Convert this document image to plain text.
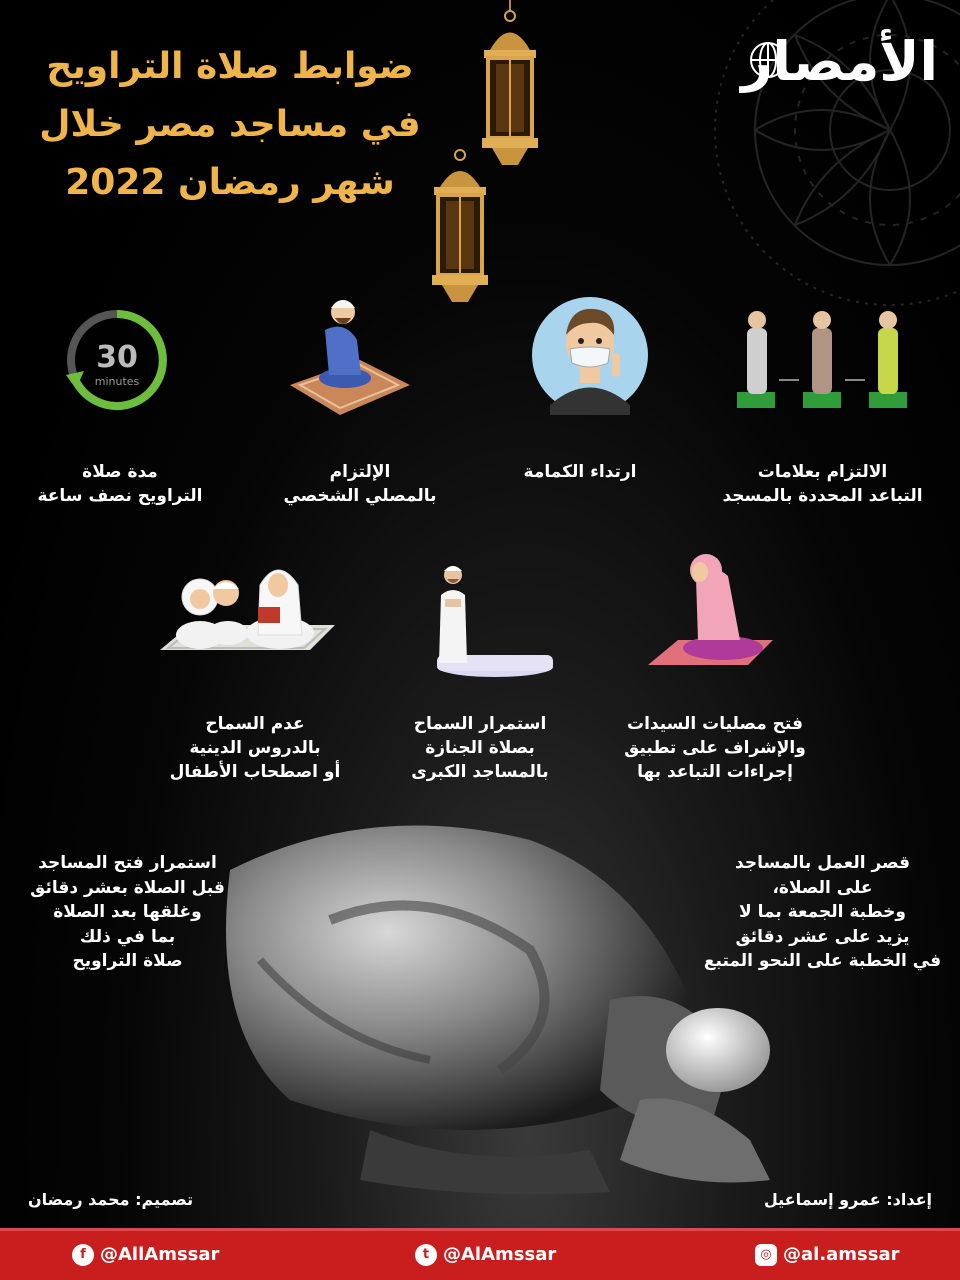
ضوابط صلاة التراويح
في مساجد مصر خلال
شهر رمضان 2022
الأمصار
30
minutes
الالتزام بعلامات
التباعد المحددة بالمسجد
ارتداء الكمامة
الإلتزام
بالمصلي الشخصي
مدة صلاة
التراويح نصف ساعة
فتح مصليات السيدات
والإشراف على تطبيق
إجراءات التباعد بها
استمرار السماح
بصلاة الجنازة
بالمساجد الكبرى
عدم السماح
بالدروس الدينية
أو اصطحاب الأطفال
قصر العمل بالمساجد
على الصلاة،
وخطبة الجمعة بما لا
يزيد على عشر دقائق
في الخطبة على النحو المتبع
استمرار فتح المساجد
قبل الصلاة بعشر دقائق
وغلقها بعد الصلاة
بما في ذلك
صلاة التراويح
إعداد: عمرو إسماعيل
تصميم: محمد رمضان
f @AllAmssar	t @AlAmssar	◎ @al.amssar
